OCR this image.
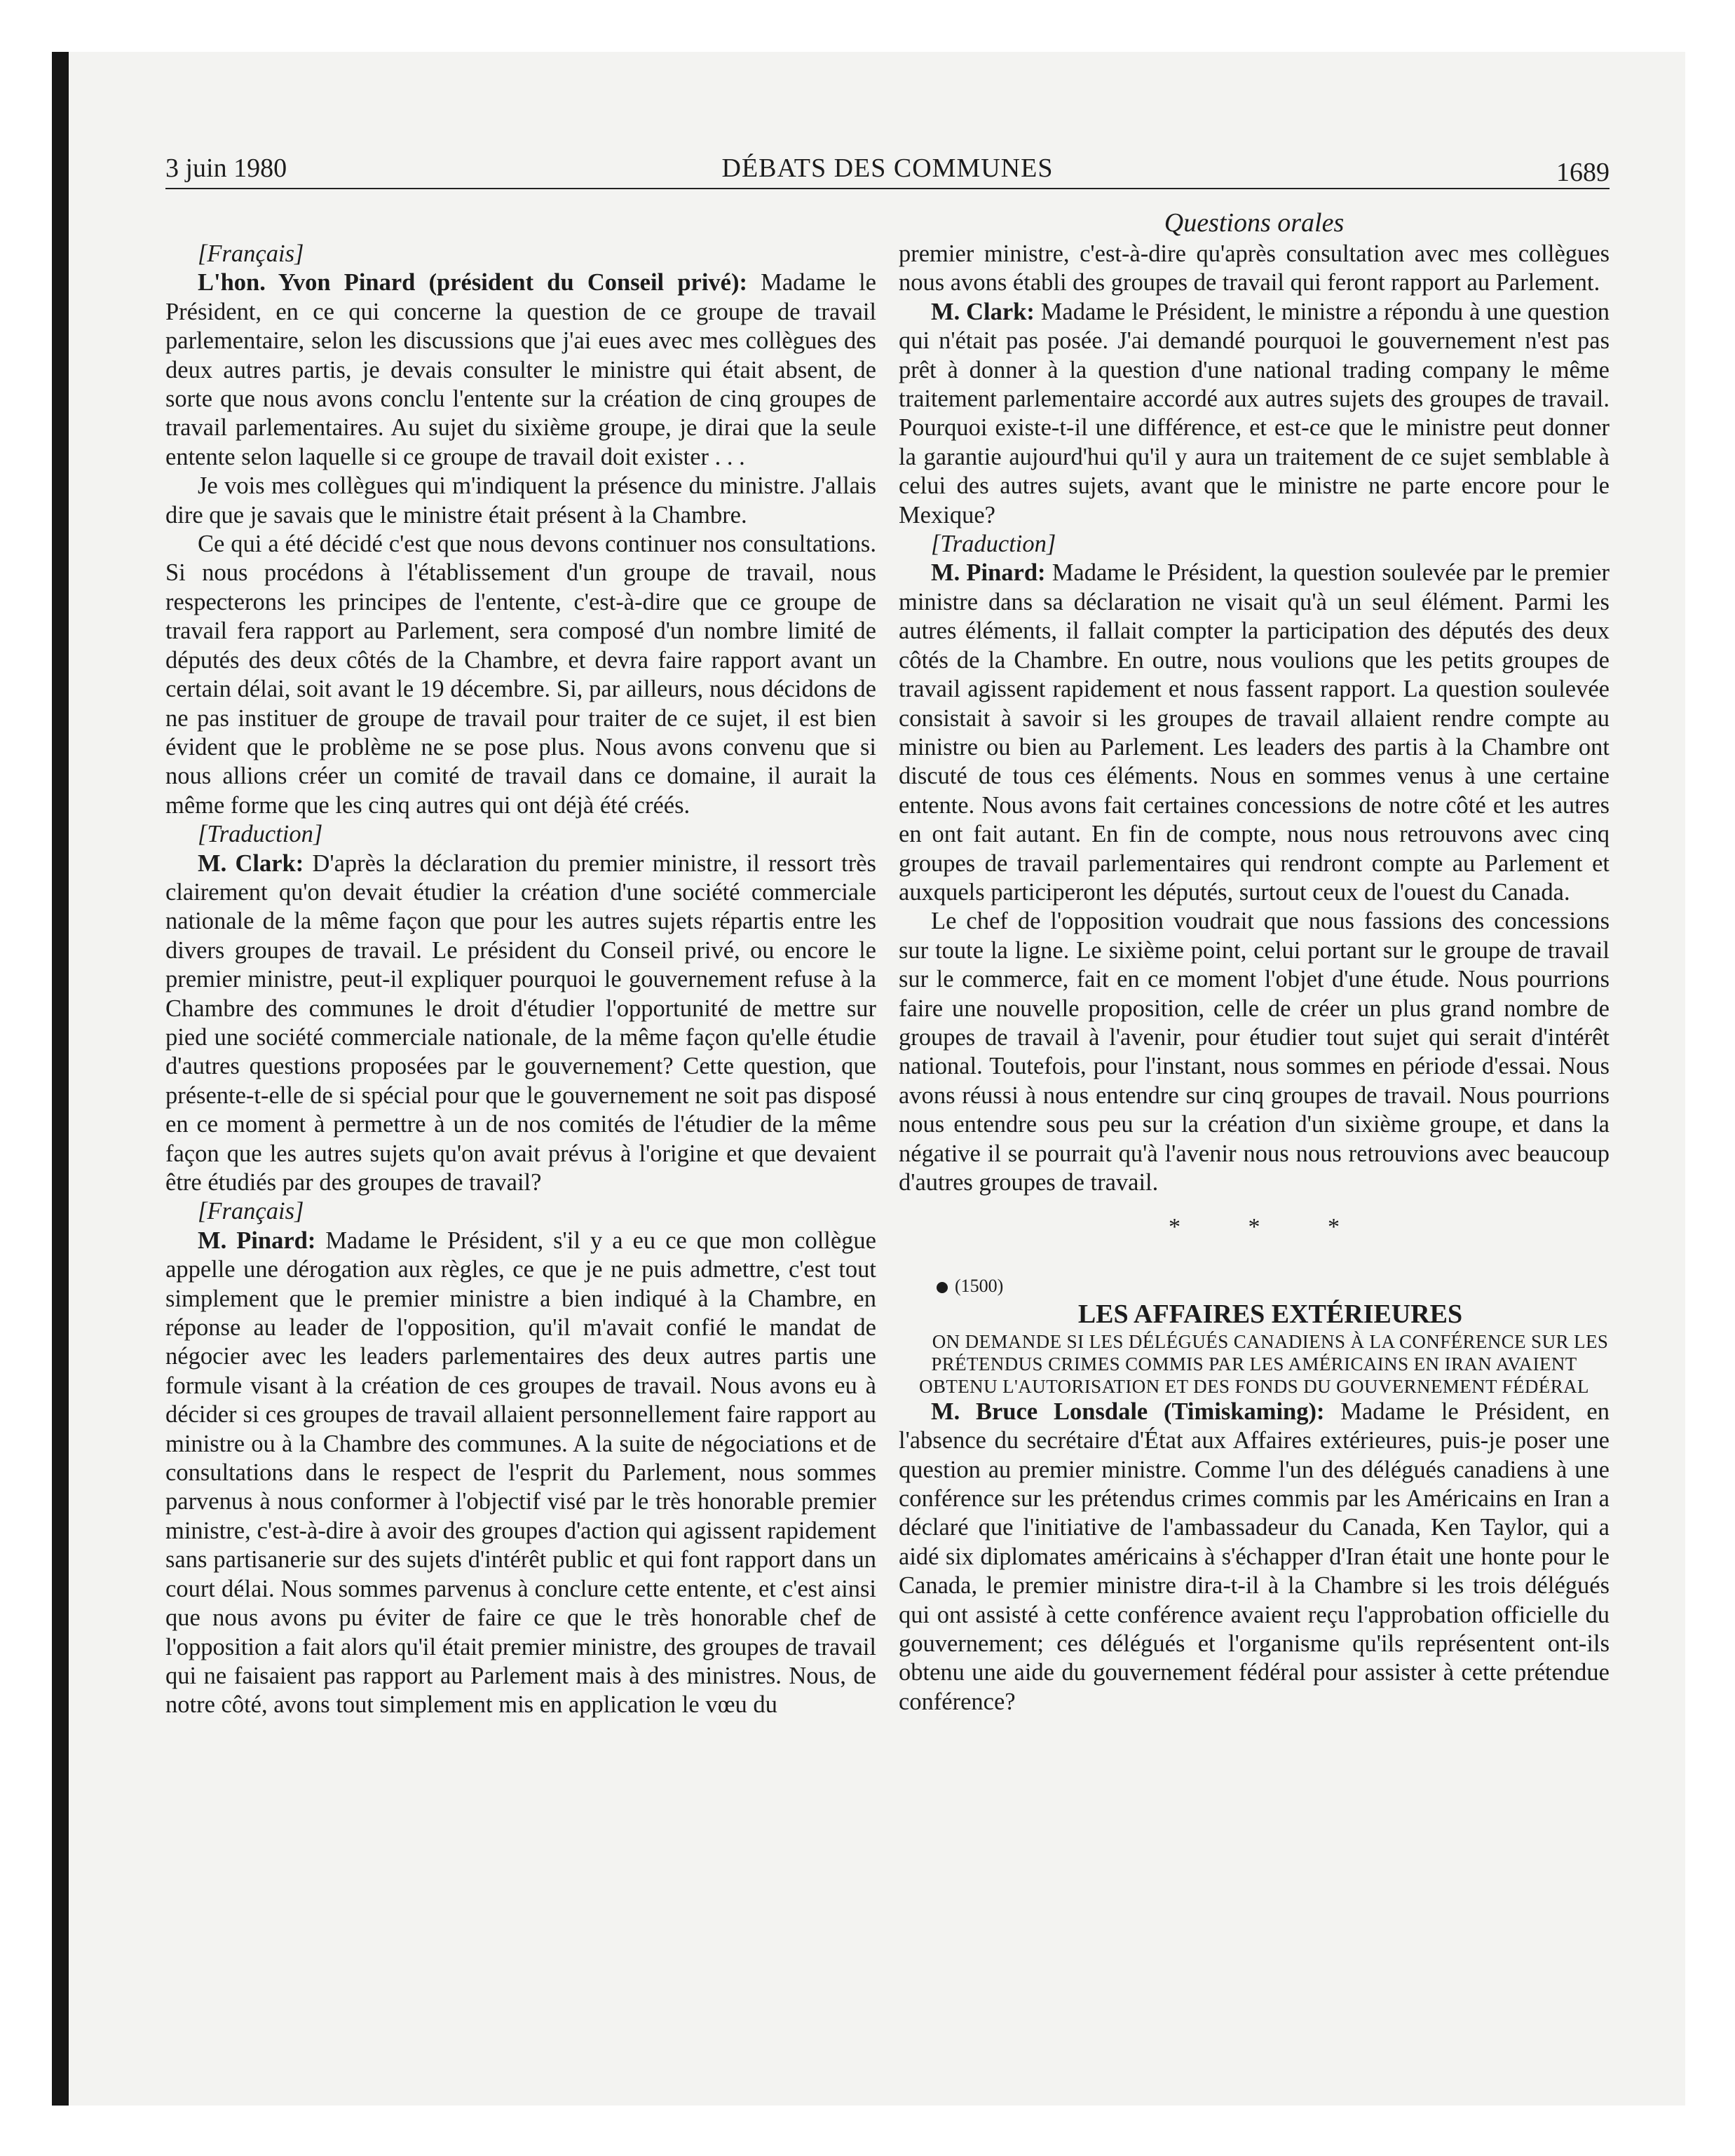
3 juin 1980	DÉBATS DES COMMUNES	1689
Questions orales

[Français]

L'hon. Yvon Pinard (président du Conseil privé): Madame le Président, en ce qui concerne la question de ce groupe de travail parlementaire, selon les discussions que j'ai eues avec mes collègues des deux autres partis, je devais consulter le ministre qui était absent, de sorte que nous avons conclu l'entente sur la création de cinq groupes de travail parlementaires. Au sujet du sixième groupe, je dirai que la seule entente selon laquelle si ce groupe de travail doit exister . . .

Je vois mes collègues qui m'indiquent la présence du ministre. J'allais dire que je savais que le ministre était présent à la Chambre.

Ce qui a été décidé c'est que nous devons continuer nos consultations. Si nous procédons à l'établissement d'un groupe de travail, nous respecterons les principes de l'entente, c'est-à-dire que ce groupe de travail fera rapport au Parlement, sera composé d'un nombre limité de députés des deux côtés de la Chambre, et devra faire rapport avant un certain délai, soit avant le 19 décembre. Si, par ailleurs, nous décidons de ne pas instituer de groupe de travail pour traiter de ce sujet, il est bien évident que le problème ne se pose plus. Nous avons convenu que si nous allions créer un comité de travail dans ce domaine, il aurait la même forme que les cinq autres qui ont déjà été créés.

[Traduction]

M. Clark: D'après la déclaration du premier ministre, il ressort très clairement qu'on devait étudier la création d'une société commerciale nationale de la même façon que pour les autres sujets répartis entre les divers groupes de travail. Le président du Conseil privé, ou encore le premier ministre, peut-il expliquer pourquoi le gouvernement refuse à la Chambre des communes le droit d'étudier l'opportunité de mettre sur pied une société commerciale nationale, de la même façon qu'elle étudie d'autres questions proposées par le gouvernement? Cette question, que présente-t-elle de si spécial pour que le gouvernement ne soit pas disposé en ce moment à permettre à un de nos comités de l'étudier de la même façon que les autres sujets qu'on avait prévus à l'origine et que devaient être étudiés par des groupes de travail?

[Français]

M. Pinard: Madame le Président, s'il y a eu ce que mon collègue appelle une dérogation aux règles, ce que je ne puis admettre, c'est tout simplement que le premier ministre a bien indiqué à la Chambre, en réponse au leader de l'opposition, qu'il m'avait confié le mandat de négocier avec les leaders parlementaires des deux autres partis une formule visant à la création de ces groupes de travail. Nous avons eu à décider si ces groupes de travail allaient personnellement faire rapport au ministre ou à la Chambre des communes. A la suite de négociations et de consultations dans le respect de l'esprit du Parlement, nous sommes parvenus à nous conformer à l'objectif visé par le très honorable premier ministre, c'est-à-dire à avoir des groupes d'action qui agissent rapidement sans partisanerie sur des sujets d'intérêt public et qui font rapport dans un court délai. Nous sommes parvenus à conclure cette entente, et c'est ainsi que nous avons pu éviter de faire ce que le très honorable chef de l'opposition a fait alors qu'il était premier ministre, des groupes de travail qui ne faisaient pas rapport au Parlement mais à des ministres. Nous, de notre côté, avons tout simplement mis en application le vœu du

premier ministre, c'est-à-dire qu'après consultation avec mes collègues nous avons établi des groupes de travail qui feront rapport au Parlement.

M. Clark: Madame le Président, le ministre a répondu à une question qui n'était pas posée. J'ai demandé pourquoi le gouvernement n'est pas prêt à donner à la question d'une national trading company le même traitement parlementaire accordé aux autres sujets des groupes de travail. Pourquoi existe-t-il une différence, et est-ce que le ministre peut donner la garantie aujourd'hui qu'il y aura un traitement de ce sujet semblable à celui des autres sujets, avant que le ministre ne parte encore pour le Mexique?

[Traduction]

M. Pinard: Madame le Président, la question soulevée par le premier ministre dans sa déclaration ne visait qu'à un seul élément. Parmi les autres éléments, il fallait compter la participation des députés des deux côtés de la Chambre. En outre, nous voulions que les petits groupes de travail agissent rapidement et nous fassent rapport. La question soulevée consistait à savoir si les groupes de travail allaient rendre compte au ministre ou bien au Parlement. Les leaders des partis à la Chambre ont discuté de tous ces éléments. Nous en sommes venus à une certaine entente. Nous avons fait certaines concessions de notre côté et les autres en ont fait autant. En fin de compte, nous nous retrouvons avec cinq groupes de travail parlementaires qui rendront compte au Parlement et auxquels participeront les députés, surtout ceux de l'ouest du Canada.

Le chef de l'opposition voudrait que nous fassions des concessions sur toute la ligne. Le sixième point, celui portant sur le groupe de travail sur le commerce, fait en ce moment l'objet d'une étude. Nous pourrions faire une nouvelle proposition, celle de créer un plus grand nombre de groupes de travail à l'avenir, pour étudier tout sujet qui serait d'intérêt national. Toutefois, pour l'instant, nous sommes en période d'essai. Nous avons réussi à nous entendre sur cinq groupes de travail. Nous pourrions nous entendre sous peu sur la création d'un sixième groupe, et dans la négative il se pourrait qu'à l'avenir nous nous retrouvions avec beaucoup d'autres groupes de travail.

* * *

(1500)

LES AFFAIRES EXTÉRIEURES

ON DEMANDE SI LES DÉLÉGUÉS CANADIENS À LA CONFÉRENCE SUR LES PRÉTENDUS CRIMES COMMIS PAR LES AMÉRICAINS EN IRAN AVAIENT OBTENU L'AUTORISATION ET DES FONDS DU GOUVERNEMENT FÉDÉRAL

M. Bruce Lonsdale (Timiskaming): Madame le Président, en l'absence du secrétaire d'État aux Affaires extérieures, puis-je poser une question au premier ministre. Comme l'un des délégués canadiens à une conférence sur les prétendus crimes commis par les Américains en Iran a déclaré que l'initiative de l'ambassadeur du Canada, Ken Taylor, qui a aidé six diplomates américains à s'échapper d'Iran était une honte pour le Canada, le premier ministre dira-t-il à la Chambre si les trois délégués qui ont assisté à cette conférence avaient reçu l'approbation officielle du gouvernement; ces délégués et l'organisme qu'ils représentent ont-ils obtenu une aide du gouvernement fédéral pour assister à cette prétendue conférence?
